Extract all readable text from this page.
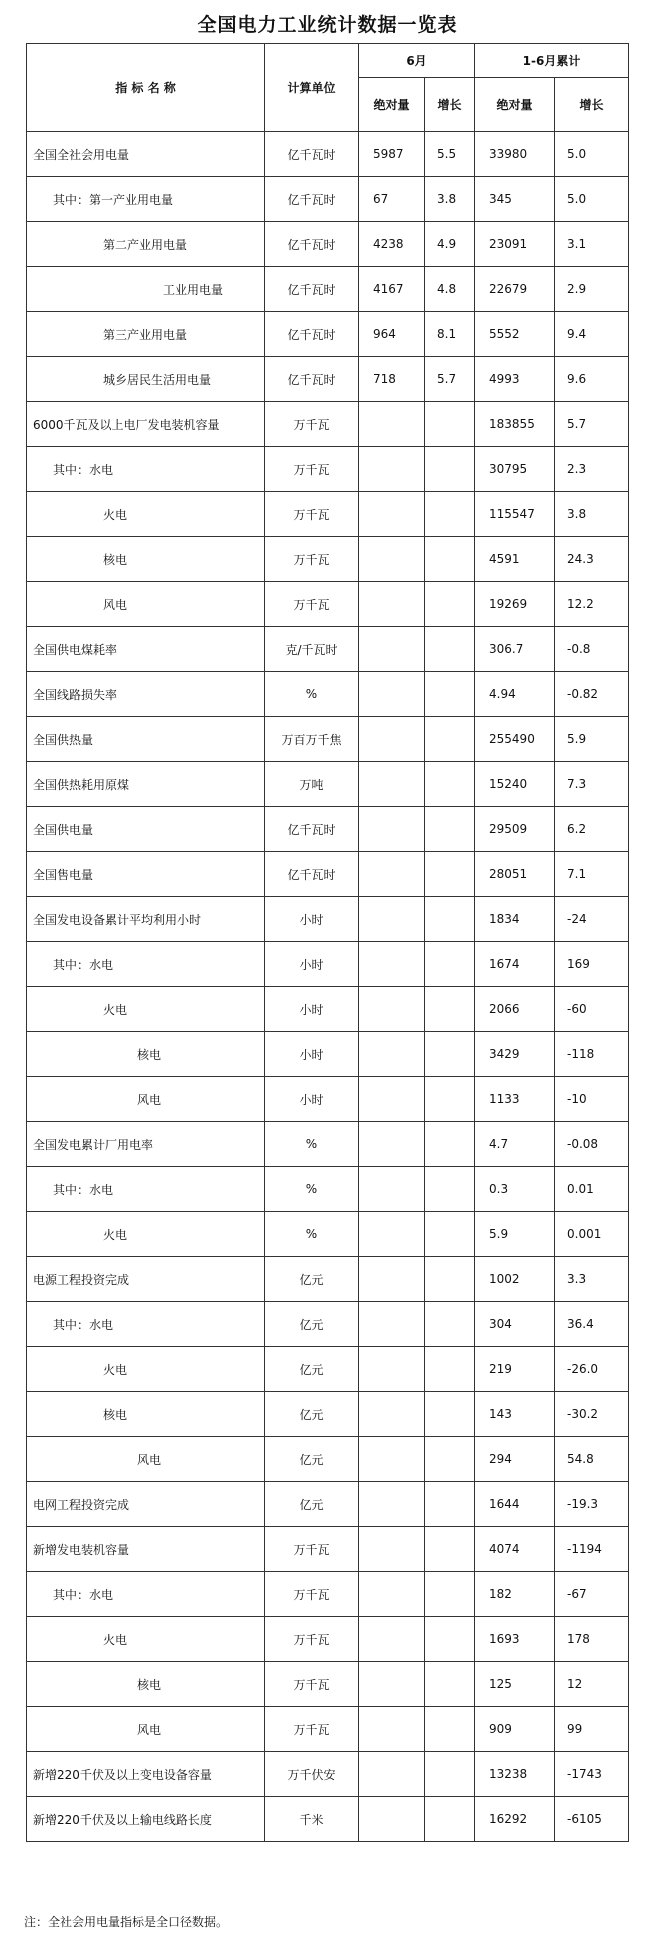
全国电力工业统计数据一览表
指 标 名 称	计算单位	6月		1-6月累计	
		绝对量	增长	绝对量	增长
全国全社会用电量	亿千瓦时	5987	5.5	33980	5.0
其中：第一产业用电量	亿千瓦时	67	3.8	345	5.0
第二产业用电量	亿千瓦时	4238	4.9	23091	3.1
工业用电量	亿千瓦时	4167	4.8	22679	2.9
第三产业用电量	亿千瓦时	964	8.1	5552	9.4
城乡居民生活用电量	亿千瓦时	718	5.7	4993	9.6
6000千瓦及以上电厂发电装机容量	万千瓦			183855	5.7
其中：水电	万千瓦			30795	2.3
火电	万千瓦			115547	3.8
核电	万千瓦			4591	24.3
风电	万千瓦			19269	12.2
全国供电煤耗率	克/千瓦时			306.7	-0.8
全国线路损失率	%			4.94	-0.82
全国供热量	万百万千焦			255490	5.9
全国供热耗用原煤	万吨			15240	7.3
全国供电量	亿千瓦时			29509	6.2
全国售电量	亿千瓦时			28051	7.1
全国发电设备累计平均利用小时	小时			1834	-24
其中：水电	小时			1674	169
火电	小时			2066	-60
核电	小时			3429	-118
风电	小时			1133	-10
全国发电累计厂用电率	%			4.7	-0.08
其中：水电	%			0.3	0.01
火电	%			5.9	0.001
电源工程投资完成	亿元			1002	3.3
其中：水电	亿元			304	36.4
火电	亿元			219	-26.0
核电	亿元			143	-30.2
风电	亿元			294	54.8
电网工程投资完成	亿元			1644	-19.3
新增发电装机容量	万千瓦			4074	-1194
其中：水电	万千瓦			182	-67
火电	万千瓦			1693	178
核电	万千瓦			125	12
风电	万千瓦			909	99
新增220千伏及以上变电设备容量	万千伏安			13238	-1743
新增220千伏及以上输电线路长度	千米			16292	-6105
注：全社会用电量指标是全口径数据。
